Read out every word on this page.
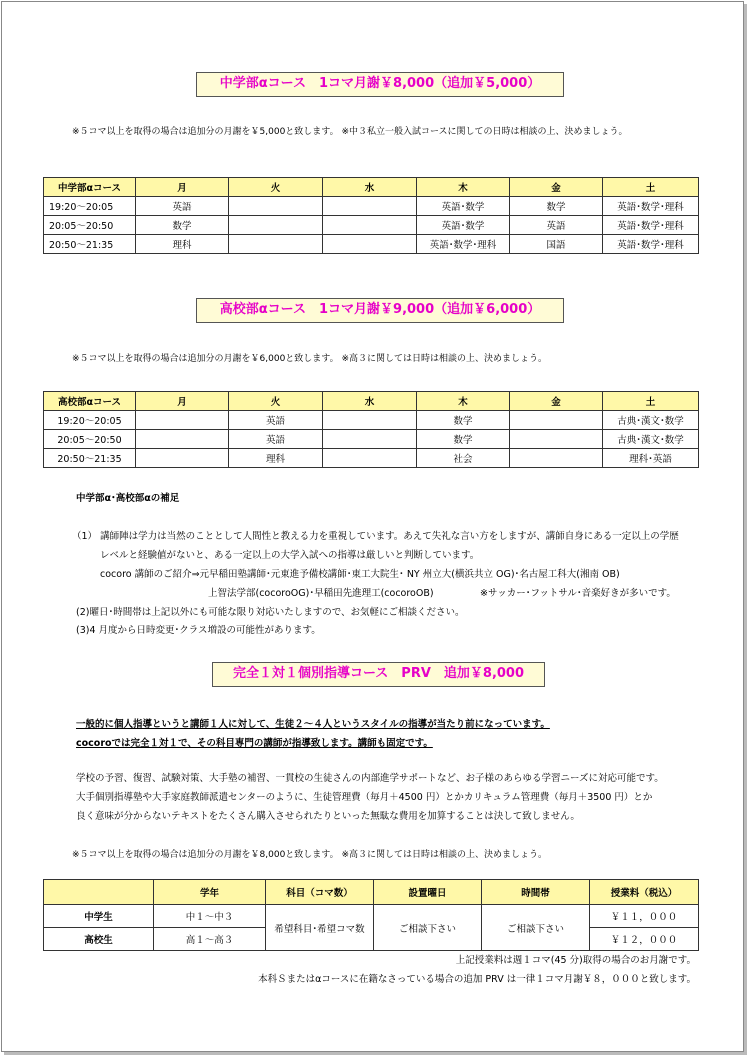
中学部αコース　1コマ月謝￥8,000（追加￥5,000）
※５コマ以上を取得の場合は追加分の月謝を￥5,000と致します。 ※中３私立一般入試コースに関しての日時は相談の上、決めましょう。
中学部αコース	月	火	水	木	金	土
19:20～20:05	英語			英語･数学	数学	英語･数学･理科
20:05～20:50	数学			英語･数学	英語	英語･数学･理科
20:50～21:35	理科			英語･数学･理科	国語	英語･数学･理科
高校部αコース　1コマ月謝￥9,000（追加￥6,000）
※５コマ以上を取得の場合は追加分の月謝を￥6,000と致します。 ※高３に関しては日時は相談の上、決めましょう。
高校部αコース	月	火	水	木	金	土
19:20～20:05		英語		数学		古典･漢文･数学
20:05～20:50		英語		数学		古典･漢文･数学
20:50～21:35		理科		社会		理科･英語
中学部α･高校部αの補足
（1） 講師陣は学力は当然のこととして人間性と教える力を重視しています。あえて失礼な言い方をしますが、講師自身にある一定以上の学歴
レベルと経験値がないと、ある一定以上の大学入試への指導は厳しいと判断しています。
cocoro 講師のご紹介⇒元早稲田塾講師･元東進予備校講師･東工大院生･ NY 州立大(横浜共立 OG)･名古屋工科大(湘南 OB)
上智法学部(cocoroOG)･早稲田先進理工(cocoroOB)	※サッカー･フットサル･音楽好きが多いです。
(2)曜日･時間帯は上記以外にも可能な限り対応いたしますので、お気軽にご相談ください。
(3)4 月度から日時変更･クラス増設の可能性があります。
完全１対１個別指導コース　PRV　追加￥8,000
一般的に個人指導というと講師１人に対して、生徒２～４人というスタイルの指導が当たり前になっています。
cocoroでは完全１対１で、その科目専門の講師が指導致します。講師も固定です。
学校の予習、復習、試験対策、大手塾の補習、一貫校の生徒さんの内部進学サポートなど、お子様のあらゆる学習ニーズに対応可能です。
大手個別指導塾や大手家庭教師派遣センターのように、生徒管理費（毎月＋4500 円）とかカリキュラム管理費（毎月＋3500 円）とか
良く意味が分からないテキストをたくさん購入させられたりといった無駄な費用を加算することは決して致しません。
※５コマ以上を取得の場合は追加分の月謝を￥8,000と致します。 ※高３に関しては日時は相談の上、決めましょう。
	学年	科目（コマ数）	設置曜日	時間帯	授業料（税込）
中学生	中１～中３	希望科目･希望コマ数	ご相談下さい	ご相談下さい	￥１１，０００
高校生	高１～高３				￥１２，０００
上記授業料は週１コマ(45 分)取得の場合のお月謝です。
本科Ｓまたはαコースに在籍なさっている場合の追加 PRV は一律１コマ月謝￥８，０００と致します。
